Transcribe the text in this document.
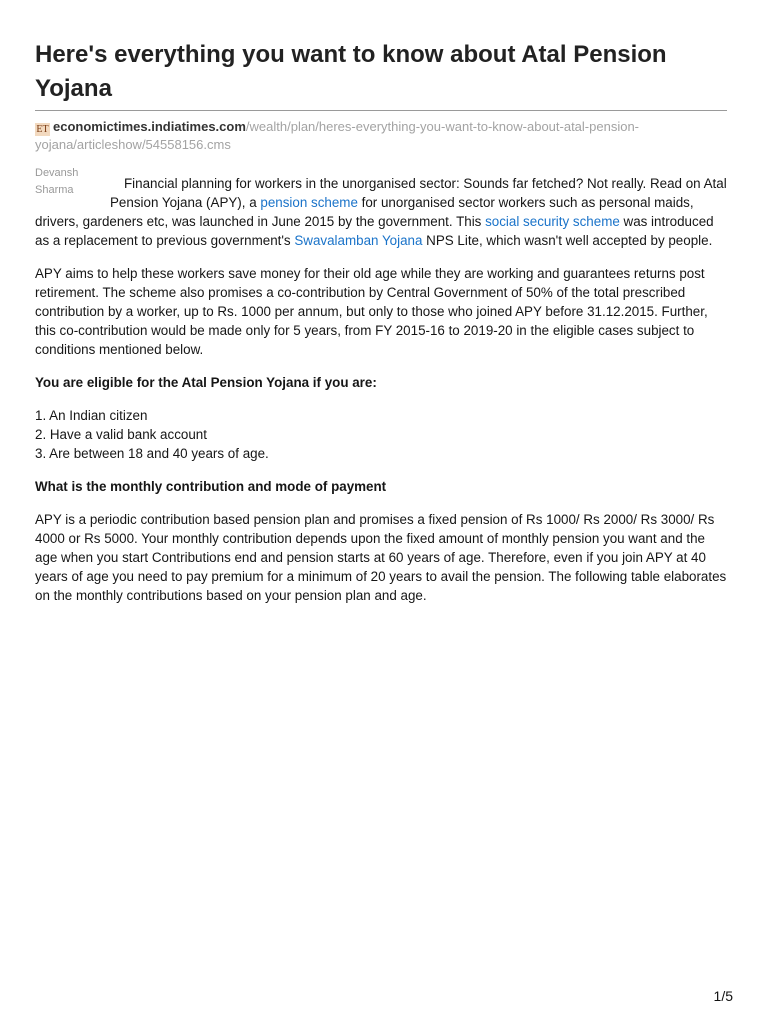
Here's everything you want to know about Atal Pension Yojana
ET economictimes.indiatimes.com/wealth/plan/heres-everything-you-want-to-know-about-atal-pension-yojana/articleshow/54558156.cms
Devansh
Sharma	Financial planning for workers in the unorganised sector: Sounds far fetched? Not really. Read on Atal Pension Yojana (APY), a pension scheme for unorganised sector workers such as personal maids, drivers, gardeners etc, was launched in June 2015 by the government. This social security scheme was introduced as a replacement to previous government's Swavalamban Yojana NPS Lite, which wasn't well accepted by people.

APY aims to help these workers save money for their old age while they are working and guarantees returns post retirement. The scheme also promises a co-contribution by Central Government of 50% of the total prescribed contribution by a worker, up to Rs. 1000 per annum, but only to those who joined APY before 31.12.2015. Further, this co-contribution would be made only for 5 years, from FY 2015-16 to 2019-20 in the eligible cases subject to conditions mentioned below.

You are eligible for the Atal Pension Yojana if you are:

1. An Indian citizen
2. Have a valid bank account
3. Are between 18 and 40 years of age.

What is the monthly contribution and mode of payment

APY is a periodic contribution based pension plan and promises a fixed pension of Rs 1000/ Rs 2000/ Rs 3000/ Rs 4000 or Rs 5000. Your monthly contribution depends upon the fixed amount of monthly pension you want and the age when you start Contributions end and pension starts at 60 years of age. Therefore, even if you join APY at 40 years of age you need to pay premium for a minimum of 20 years to avail the pension. The following table elaborates on the monthly contributions based on your pension plan and age.

1/5
